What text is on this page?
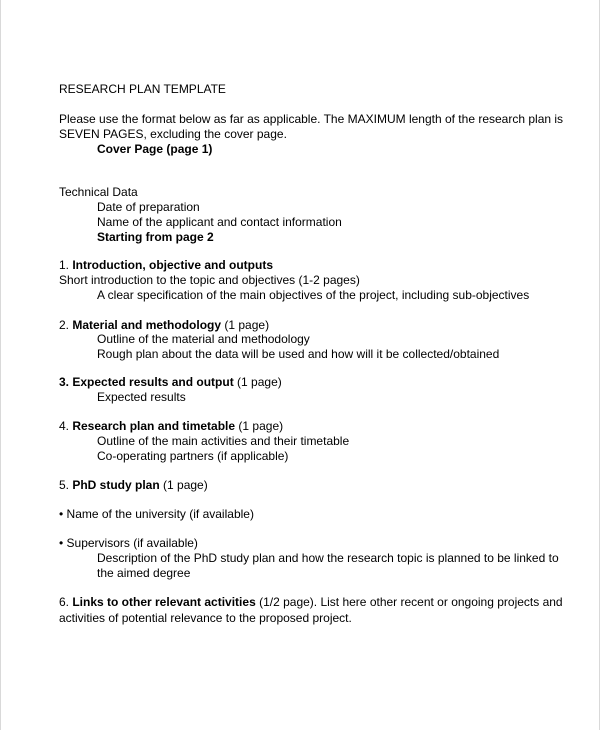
RESEARCH PLAN TEMPLATE
Please use the format below as far as applicable. The MAXIMUM length of the research plan is
SEVEN PAGES, excluding the cover page.
Cover Page (page 1)
Technical Data
Date of preparation
Name of the applicant and contact information
Starting from page 2
1. Introduction, objective and outputs
Short introduction to the topic and objectives (1-2 pages)
A clear specification of the main objectives of the project, including sub-objectives
2. Material and methodology (1 page)
Outline of the material and methodology
Rough plan about the data will be used and how will it be collected/obtained
3. Expected results and output (1 page)
Expected results
4. Research plan and timetable (1 page)
Outline of the main activities and their timetable
Co-operating partners (if applicable)
5. PhD study plan (1 page)
• Name of the university (if available)
• Supervisors (if available)
Description of the PhD study plan and how the research topic is planned to be linked to
the aimed degree
6. Links to other relevant activities (1/2 page). List here other recent or ongoing projects and
activities of potential relevance to the proposed project.
